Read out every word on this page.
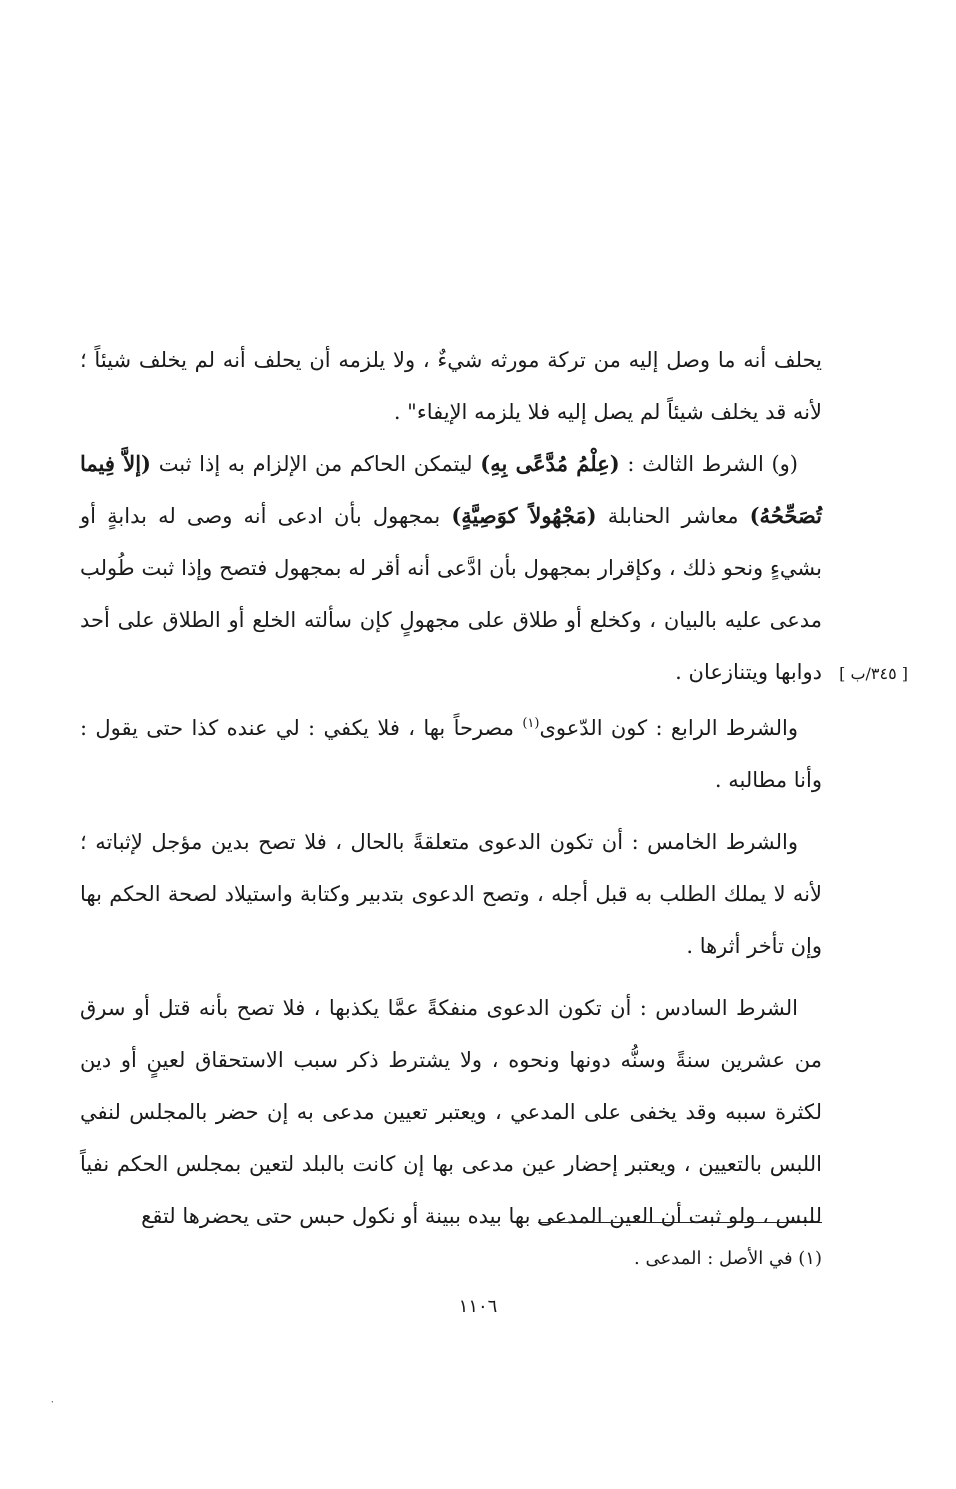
يحلف أنه ما وصل إليه من تركة مورثه شيءٌ ، ولا يلزمه أن يحلف أنه لم يخلف شيئاً ؛ لأنه قد يخلف شيئاً لم يصل إليه فلا يلزمه الإيفاء" .

(و) الشرط الثالث : (عِلْمُ مُدَّعًى بِهِ) ليتمكن الحاكم من الإلزام به إذا ثبت (إلاَّ فِيما تُصَحِّحُهُ) معاشر الحنابلة (مَجْهُولاً كوَصِيَّةٍ) بمجهول بأن ادعى أنه وصى له بدابةٍ أو بشيءٍ ونحو ذلك ، وكإقرار بمجهول بأن ادَّعى أنه أقر له بمجهول فتصح وإذا ثبت طُولب مدعى عليه بالبيان ، وكخلع أو طلاق على مجهولٍ كإن سألته الخلع أو الطلاق على أحد دوابها ويتنازعان .

والشرط الرابع : كون الدّعوى$^{(١)}$ مصرحاً بها ، فلا يكفي : لي عنده كذا حتى يقول : وأنا مطالبه .

والشرط الخامس : أن تكون الدعوى متعلقةً بالحال ، فلا تصح بدين مؤجل لإثباته ؛ لأنه لا يملك الطلب به قبل أجله ، وتصح الدعوى بتدبير وكتابة واستيلاد لصحة الحكم بها وإن تأخر أثرها .

الشرط السادس : أن تكون الدعوى منفكةً عمَّا يكذبها ، فلا تصح بأنه قتل أو سرق من عشرين سنةً وسنُّه دونها ونحوه ، ولا يشترط ذكر سبب الاستحقاق لعينٍ أو دين لكثرة سببه وقد يخفى على المدعي ، ويعتبر تعيين مدعى به إن حضر بالمجلس لنفي اللبس بالتعيين ، ويعتبر إحضار عين مدعى بها إن كانت بالبلد لتعين بمجلس الحكم نفياً للبس ، ولو ثبت أن العين المدعى بها بيده ببينة أو نكول حبس حتى يحضرها لتقع

[ ٣٤٥/ب ]
(١) في الأصل : المدعى .
١١٠٦
